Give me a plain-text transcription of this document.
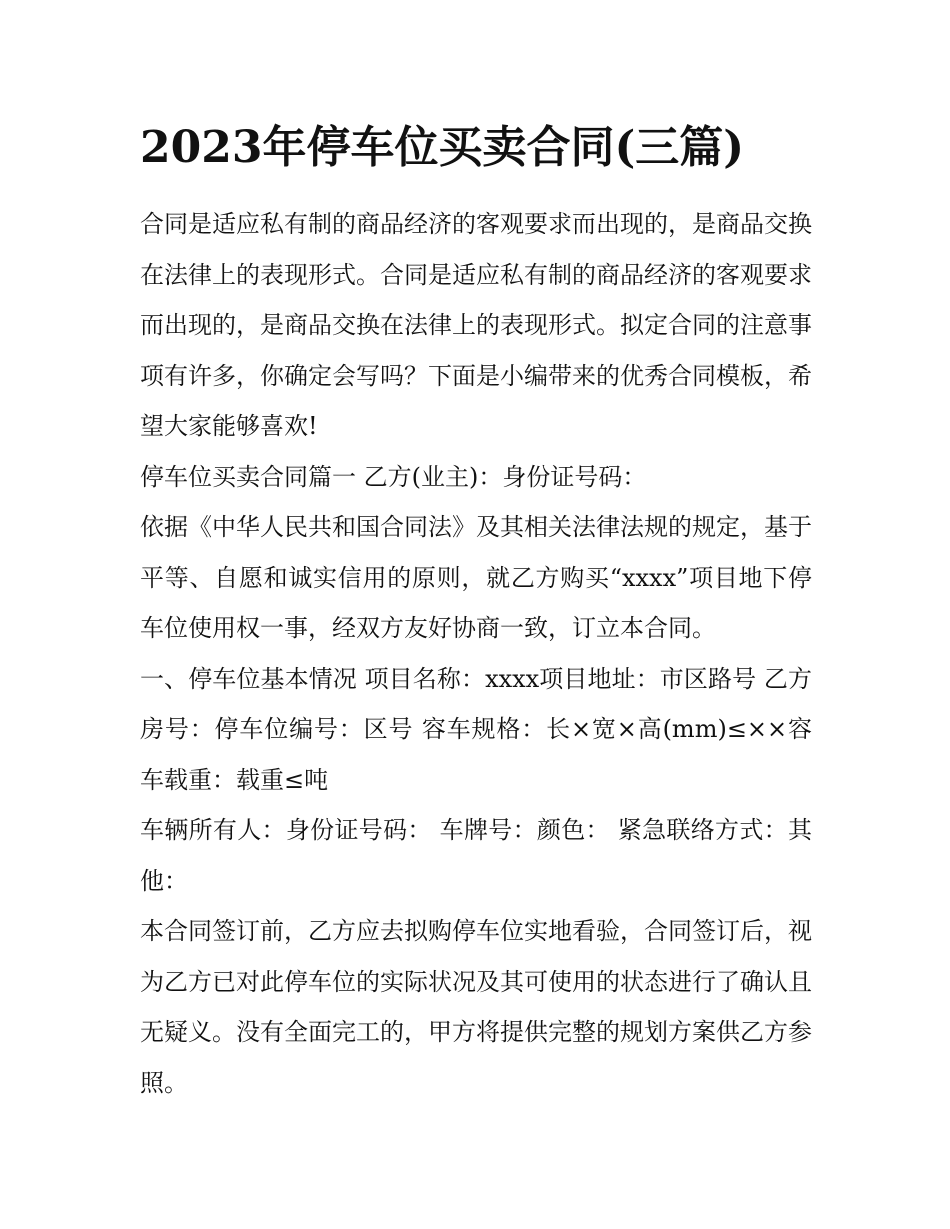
2023年停车位买卖合同(三篇)

合同是适应私有制的商品经济的客观要求而出现的，是商品交换在法律上的表现形式。合同是适应私有制的商品经济的客观要求而出现的，是商品交换在法律上的表现形式。拟定合同的注意事项有许多，你确定会写吗？下面是小编带来的优秀合同模板，希望大家能够喜欢!

停车位买卖合同篇一 乙方(业主)：身份证号码：

依据《中华人民共和国合同法》及其相关法律法规的规定，基于平等、自愿和诚实信用的原则，就乙方购买“xxxx”项目地下停车位使用权一事，经双方友好协商一致，订立本合同。

一、停车位基本情况 项目名称：xxxx项目地址：市区路号 乙方房号：停车位编号：区号 容车规格：长×宽×高(mm)≤××容车载重：载重≤吨

车辆所有人：身份证号码： 车牌号：颜色： 紧急联络方式：其他：

本合同签订前，乙方应去拟购停车位实地看验，合同签订后，视为乙方已对此停车位的实际状况及其可使用的状态进行了确认且无疑义。没有全面完工的，甲方将提供完整的规划方案供乙方参照。
